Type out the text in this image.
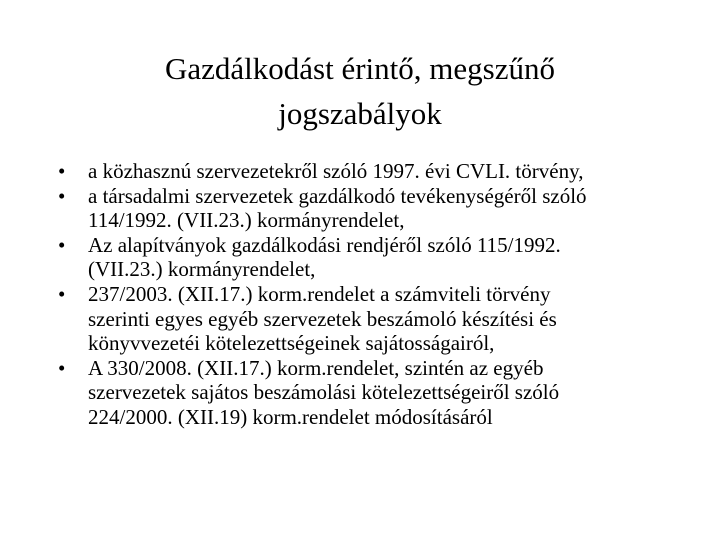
Gazdálkodást érintő, megszűnő
jogszabályok
•	a közhasznú szervezetekről szóló 1997. évi CVLI. törvény,
•	a társadalmi szervezetek gazdálkodó tevékenységéről szóló
114/1992. (VII.23.) kormányrendelet,
•	Az alapítványok gazdálkodási rendjéről szóló 115/1992.
(VII.23.) kormányrendelet,
•	237/2003. (XII.17.) korm.rendelet a számviteli törvény
szerinti egyes egyéb szervezetek beszámoló készítési és
könyvvezetéi kötelezettségeinek sajátosságairól,
•	A 330/2008. (XII.17.) korm.rendelet, szintén az egyéb
szervezetek sajátos beszámolási kötelezettségeiről szóló
224/2000. (XII.19) korm.rendelet módosításáról
